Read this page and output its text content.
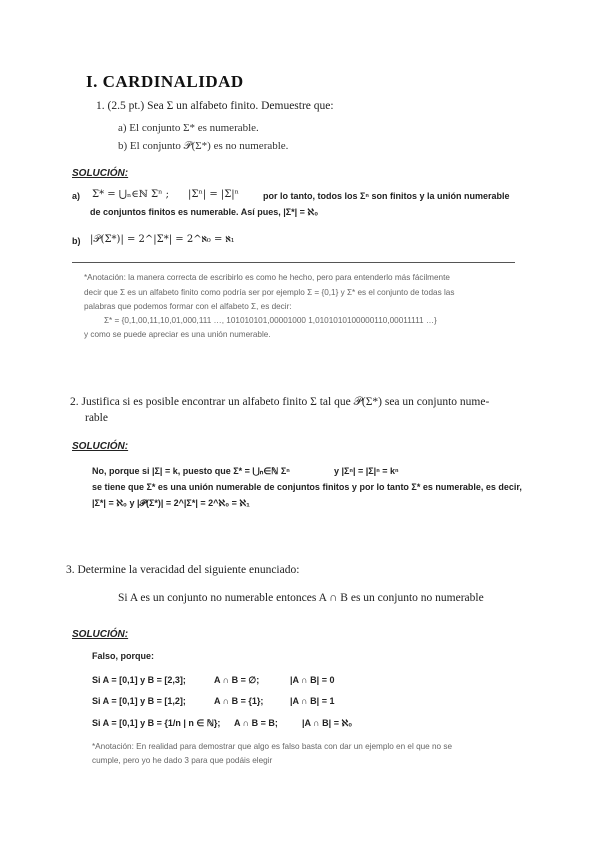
I. CARDINALIDAD
1. (2.5 pt.) Sea Σ un alfabeto finito. Demuestre que:
a) El conjunto Σ* es numerable.
b) El conjunto 𝒫(Σ*) es no numerable.
SOLUCIÓN:
a) Σ* = ⋃ₙ∈ℕ Σⁿ ; |Σⁿ| = |Σ|ⁿ	por lo tanto, todos los Σⁿ son finitos y la unión numerable
de conjuntos finitos es numerable. Así pues, |Σ*| = ℵ₀
b) |𝒫(Σ*)| = 2^|Σ*| = 2^ℵ₀ = ℵ₁
*Anotación: la manera correcta de escribirlo es como he hecho, pero para entenderlo más fácilmente
decir que Σ es un alfabeto finito como podría ser por ejemplo Σ = {0,1} y Σ* es el conjunto de todas las
palabras que podemos formar con el alfabeto Σ, es decir:
Σ* = {0,1,00,11,10,01,000,111 …, 101010101,00001000 1,0101010100000110,00011111 …}
y como se puede apreciar es una unión numerable.
2. Justifica si es posible encontrar un alfabeto finito Σ tal que 𝒫(Σ*) sea un conjunto nume-
rable
SOLUCIÓN:
No, porque si |Σ| = k, puesto que Σ* = ⋃ₙ∈ℕ Σⁿ	y |Σⁿ| = |Σ|ⁿ = kⁿ
se tiene que Σ* es una unión numerable de conjuntos finitos y por lo tanto Σ* es numerable, es decir,
|Σ*| = ℵ₀ y |𝒫(Σ*)| = 2^|Σ*| = 2^ℵ₀ = ℵ₁
3. Determine la veracidad del siguiente enunciado:
Si A es un conjunto no numerable entonces A ∩ B es un conjunto no numerable
SOLUCIÓN:
Falso, porque:
Si A = [0,1] y B = [2,3];	A ∩ B = ∅;	|A ∩ B| = 0
Si A = [0,1] y B = [1,2];	A ∩ B = {1};	|A ∩ B| = 1
Si A = [0,1] y B = {1/n | n ∈ ℕ}; A ∩ B = B;	|A ∩ B| = ℵ₀
*Anotación: En realidad para demostrar que algo es falso basta con dar un ejemplo en el que no se
cumple, pero yo he dado 3 para que podáis elegir
